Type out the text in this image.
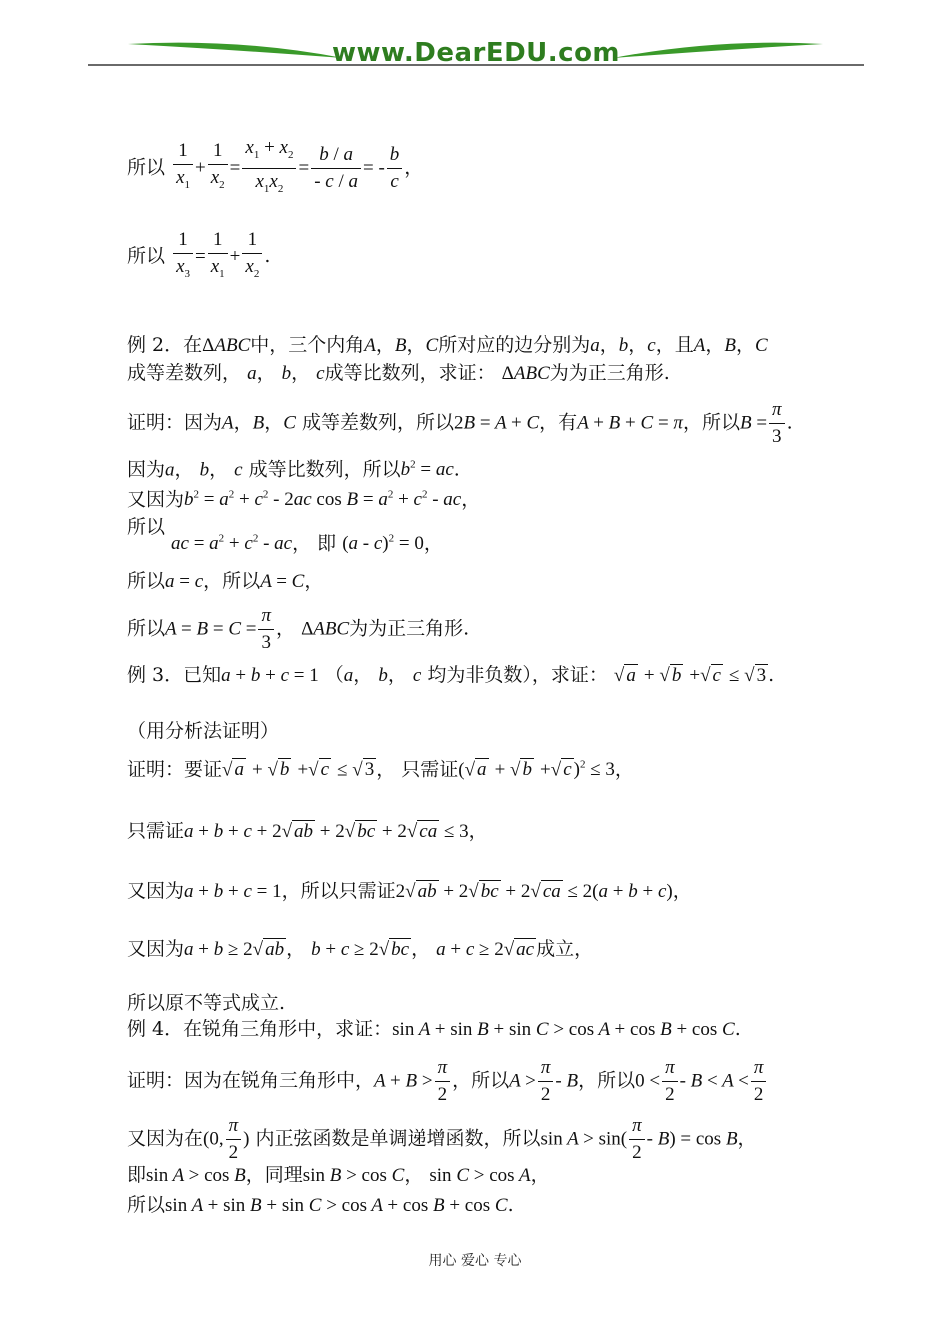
www.DearEDU.com
所以 $\frac{1}{x_1} + \frac{1}{x_2} = \frac{x_1 + x_2}{x_1x_2} = \frac{b / a}{- c / a}$ = - $\frac{b}{c}$ ，
所以 $\frac{1}{x_3} = \frac{1}{x_1} + \frac{1}{x_2}$ .
例 2．在ΔABC中，三个内角A，B，C所对应的边分别为a，b，c，且A，B，C
成等差数列， a， b， c成等比数列，求证： ΔABC为为正三角形.
证明：因为A，B，C 成等差数列，所以2B = A + C，有A + B + C = π，所以$B = \frac{\pi}{3}$ .
因为a， b， c 成等比数列，所以$b^2$ = ac.
又因为$b^2 = a^2 + c^2 - 2ac$ $\cos B = a^2 + c^2$ - ac，
所以
ac = $a^2 + c^2$ - ac， 即 (a - c)$^2$ = 0，
所以a = c，所以A = C，
所以$A = B = C = \frac{\pi}{3}$ ， ΔABC为为正三角形.
例 3．已知a + b + c = 1 （a， b， c 均为非负数），求证： √ a + √ b +√ c ≤ √ 3 .
（用分析法证明）
证明：要证√ a + √ b +√ c ≤ √ 3 ， 只需证(√ a + √ b +√ c )$^2$ ≤ 3，
只需证a + b + c + 2√ ab + 2√ bc + 2√ ca ≤ 3，
又因为a + b + c = 1，所以只需证2√ ab + 2√ bc + 2√ ca ≤ 2(a + b + c)，
又因为a + b ≥ 2√ ab ， b + c ≥ 2√ bc ， a + c ≥ 2√ ac 成立，
所以原不等式成立.
例 4．在锐角三角形中，求证：sin A + sin B + sin C > cos A + cos B + cos C.
证明：因为在锐角三角形中，$A + B > \frac{\pi}{2}$ ，所以$A > \frac{\pi}{2} - B$，所以$0 < \frac{\pi}{2} - B < A < \frac{\pi}{2}$
又因为在(0, $\frac{\pi}{2}$ ) 内正弦函数是单调递增函数，所以$\sin A > \sin( \frac{\pi}{2} - B) = \cos B$，
即sin A > cos B，同理sin B > cos C， sin C > cos A，
所以sin A + sin B + sin C > cos A + cos B + cos C.
用心 爱心 专心
